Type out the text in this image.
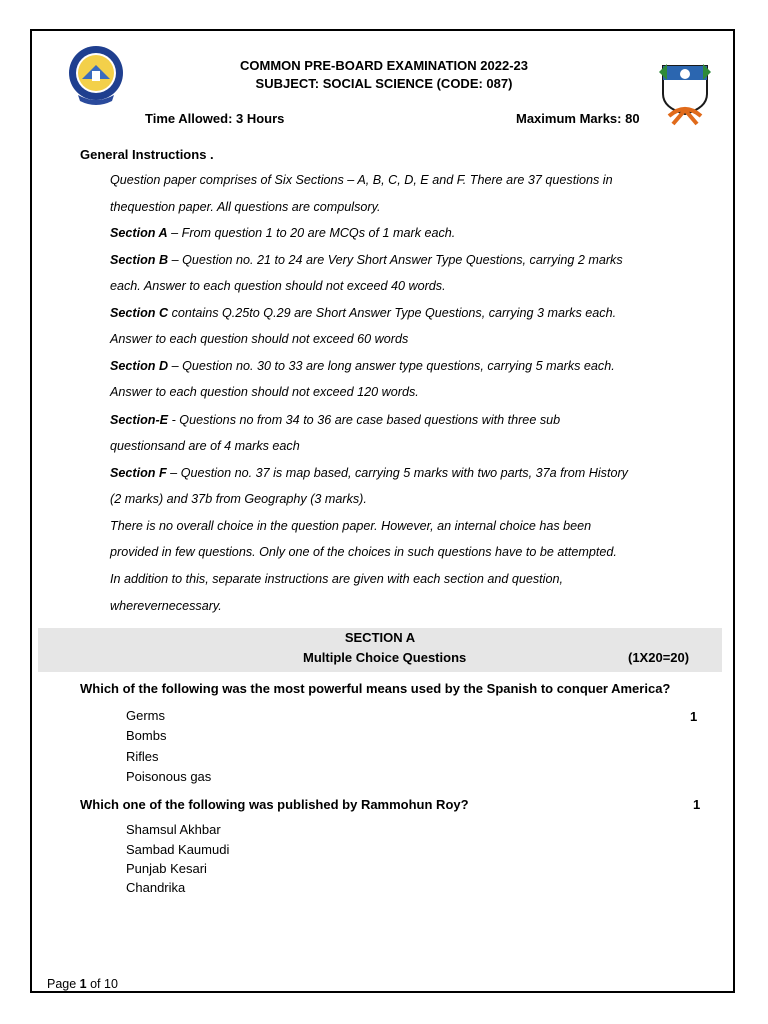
COMMON PRE-BOARD EXAMINATION 2022-23
SUBJECT: SOCIAL SCIENCE (CODE: 087)
Time Allowed: 3 Hours	Maximum Marks: 80
General Instructions .
Question paper comprises of Six Sections – A, B, C, D, E and F. There are 37 questions in
thequestion paper. All questions are compulsory.
Section A – From question 1 to 20 are MCQs of 1 mark each.
Section B – Question no. 21 to 24 are Very Short Answer Type Questions, carrying 2 marks
each. Answer to each question should not exceed 40 words.
Section C contains Q.25to Q.29 are Short Answer Type Questions, carrying 3 marks each.
Answer to each question should not exceed 60 words
Section D – Question no. 30 to 33 are long answer type questions, carrying 5 marks each.
Answer to each question should not exceed 120 words.
Section-E - Questions no from 34 to 36 are case based questions with three sub
questionsand are of 4 marks each
Section F – Question no. 37 is map based, carrying 5 marks with two parts, 37a from History
(2 marks) and 37b from Geography (3 marks).
There is no overall choice in the question paper. However, an internal choice has been
provided in few questions. Only one of the choices in such questions have to be attempted.
In addition to this, separate instructions are given with each section and question,
wherevernecessary.
SECTION A
Multiple Choice Questions	(1X20=20)
Which of the following was the most powerful means used by the Spanish to conquer America?
1
Germs
Bombs
Rifles
Poisonous gas
Which one of the following was published by Rammohun Roy?	1
Shamsul Akhbar
Sambad Kaumudi
Punjab Kesari
Chandrika
Page 1 of 10
